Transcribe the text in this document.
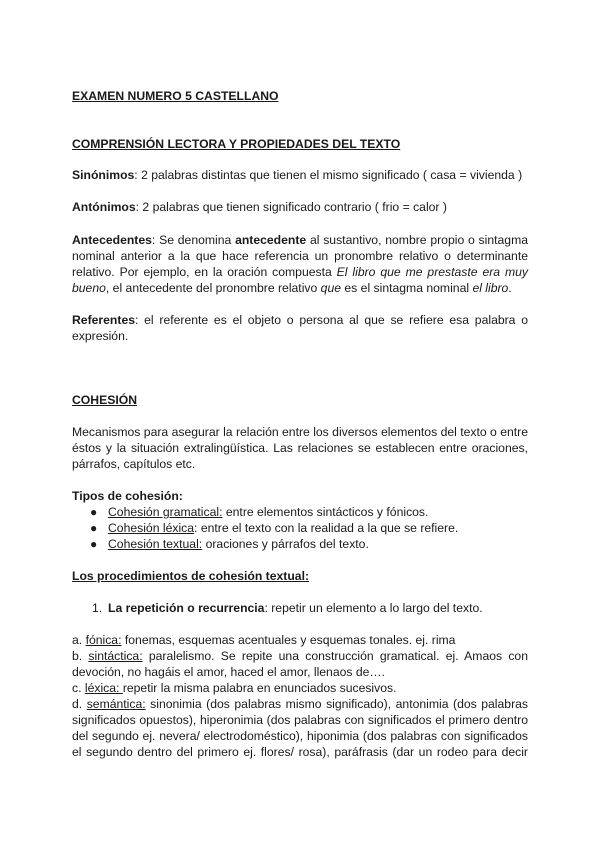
EXAMEN NUMERO 5 CASTELLANO
COMPRENSIÓN LECTORA Y PROPIEDADES DEL TEXTO
Sinónimos: 2 palabras distintas que tienen el mismo significado ( casa = vivienda )
Antónimos: 2 palabras que tienen significado contrario ( frio = calor )
Antecedentes: Se denomina antecedente al sustantivo, nombre propio o sintagma
nominal anterior a la que hace referencia un pronombre relativo o determinante
relativo. Por ejemplo, en la oración compuesta El libro que me prestaste era muy
bueno, el antecedente del pronombre relativo que es el sintagma nominal el libro.
Referentes: el referente es el objeto o persona al que se refiere esa palabra o
expresión.
COHESIÓN
Mecanismos para asegurar la relación entre los diversos elementos del texto o entre
éstos y la situación extralingüística. Las relaciones se establecen entre oraciones,
párrafos, capítulos etc.
Tipos de cohesión:
● Cohesión gramatical: entre elementos sintácticos y fónicos.
● Cohesión léxica: entre el texto con la realidad a la que se refiere.
● Cohesión textual: oraciones y párrafos del texto.
Los procedimientos de cohesión textual:
1. La repetición o recurrencia: repetir un elemento a lo largo del texto.
a. fónica: fonemas, esquemas acentuales y esquemas tonales. ej. rima
b. sintáctica: paralelismo. Se repite una construcción gramatical. ej. Amaos con
devoción, no hagáis el amor, haced el amor, llenaos de….
c. léxica: repetir la misma palabra en enunciados sucesivos.
d. semántica: sinonimia (dos palabras mismo significado), antonimia (dos palabras
significados opuestos), hiperonimia (dos palabras con significados el primero dentro
del segundo ej. nevera/ electrodoméstico), hiponimia (dos palabras con significados
el segundo dentro del primero ej. flores/ rosa), paráfrasis (dar un rodeo para decir
